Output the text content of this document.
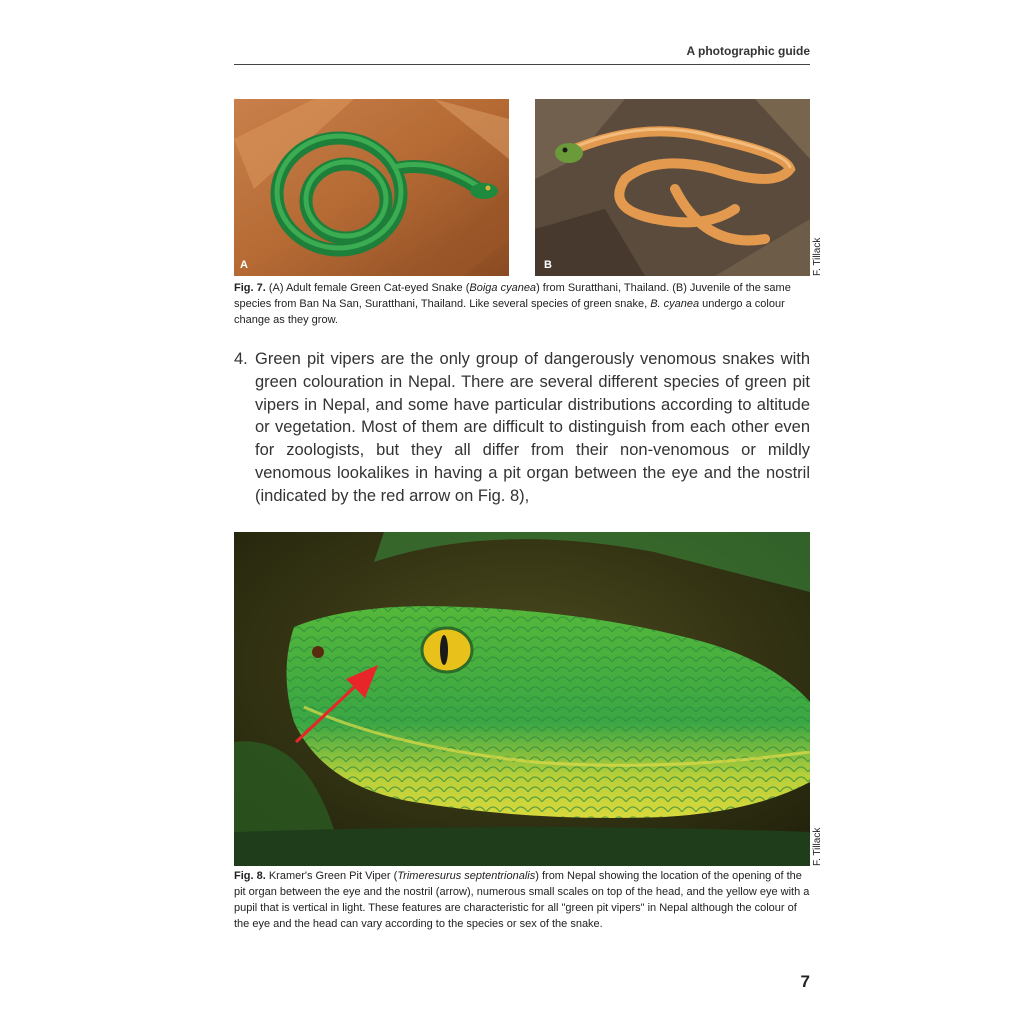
A photographic guide
A	B	F. Tillack
Fig. 7. (A) Adult female Green Cat-eyed Snake (Boiga cyanea) from Suratthani, Thailand. (B) Juvenile of the same species from Ban Na San, Suratthani, Thailand. Like several species of green snake, B. cyanea undergo a colour change as they grow.
4. Green pit vipers are the only group of dangerously venomous snakes with green colouration in Nepal. There are several different species of green pit vipers in Nepal, and some have particular distributions according to altitude or vegetation. Most of them are difficult to distinguish from each other even for zoologists, but they all differ from their non-venomous or mildly venomous lookalikes in having a pit organ between the eye and the nostril (indicated by the red arrow on Fig. 8),
F. Tillack
Fig. 8. Kramer's Green Pit Viper (Trimeresurus septentrionalis) from Nepal showing the location of the opening of the pit organ between the eye and the nostril (arrow), numerous small scales on top of the head, and the yellow eye with a pupil that is vertical in light. These features are characteristic for all "green pit vipers" in Nepal although the colour of the eye and the head can vary according to the species or sex of the snake.
7
